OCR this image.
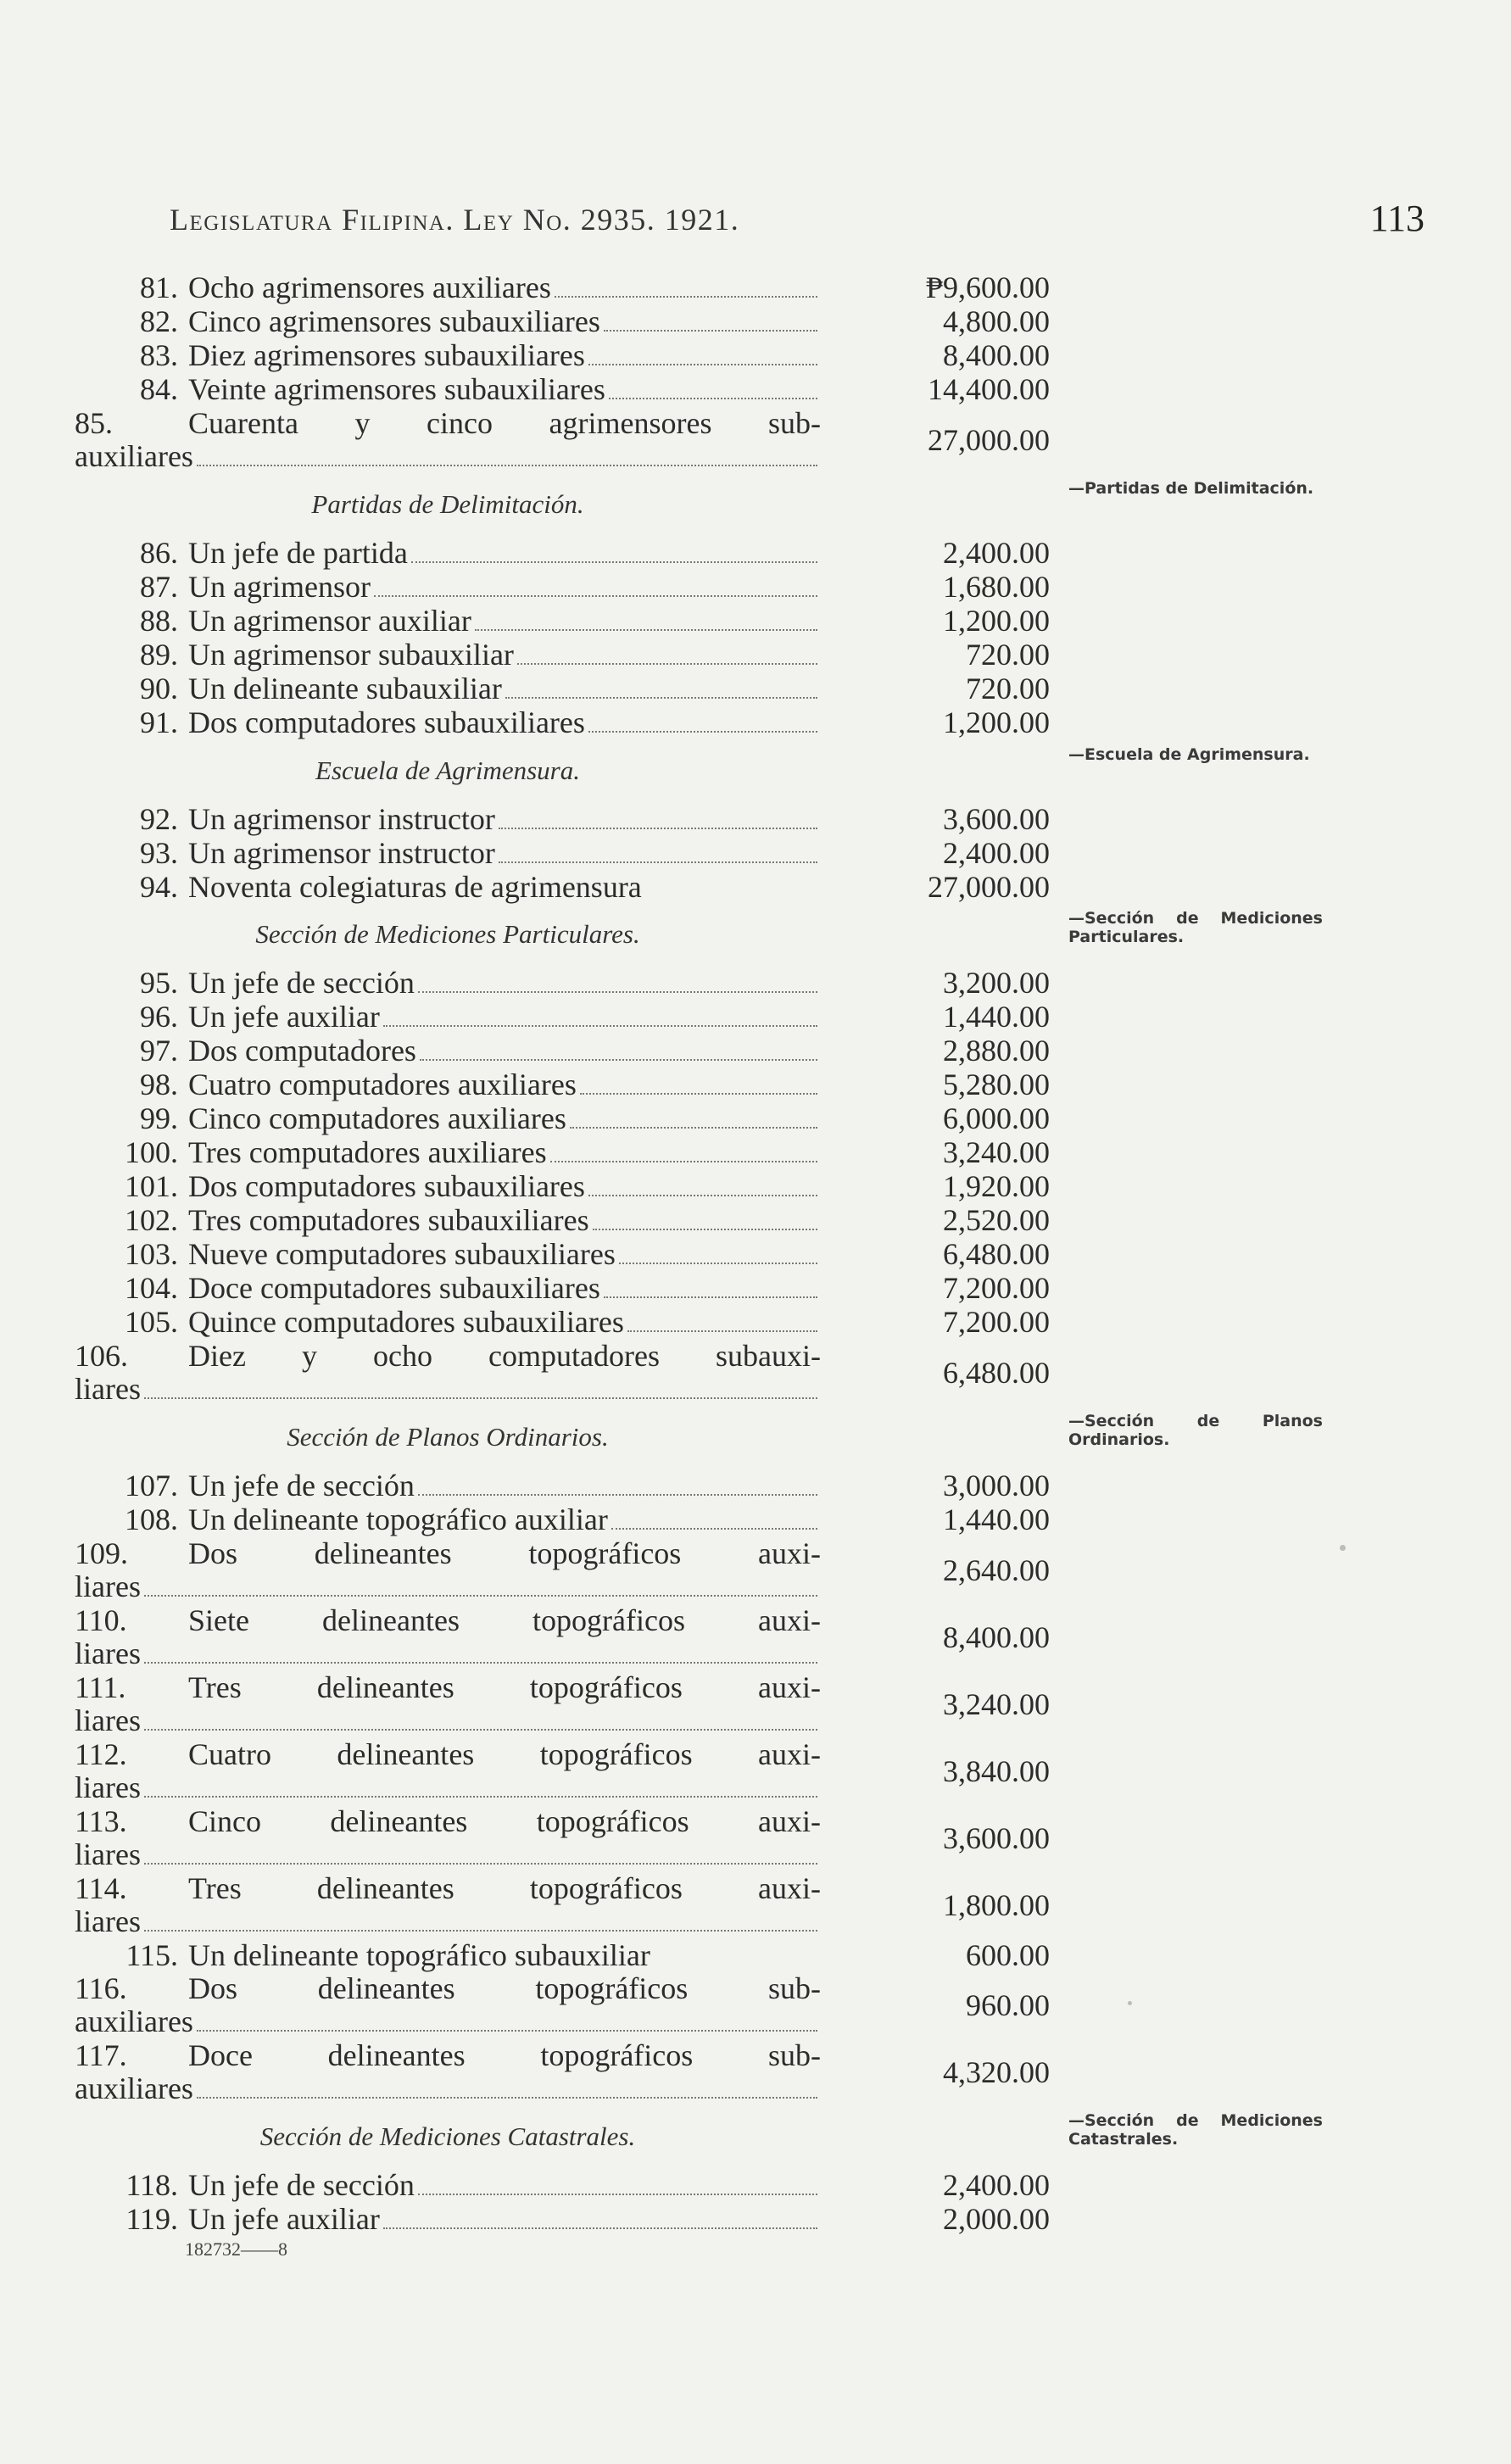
Legislatura Filipina. Ley No. 2935. 1921.	113
81. Ocho agrimensores auxiliares	₱9,600.00
82. Cinco agrimensores subauxiliares	4,800.00
83. Diez agrimensores subauxiliares	8,400.00
84. Veinte agrimensores subauxiliares	14,400.00
85. Cuarenta y cinco agrimensores sub-
auxiliares	27,000.00
Partidas de Delimitación.
—Partidas de Delimitación.
86. Un jefe de partida	2,400.00
87. Un agrimensor	1,680.00
88. Un agrimensor auxiliar	1,200.00
89. Un agrimensor subauxiliar	720.00
90. Un delineante subauxiliar	720.00
91. Dos computadores subauxiliares	1,200.00
Escuela de Agrimensura.
—Escuela de Agrimensura.
92. Un agrimensor instructor	3,600.00
93. Un agrimensor instructor	2,400.00
94. Noventa colegiaturas de agrimensura	27,000.00
Sección de Mediciones Particulares.
—Sección de Mediciones Particulares.
95. Un jefe de sección	3,200.00
96. Un jefe auxiliar	1,440.00
97. Dos computadores	2,880.00
98. Cuatro computadores auxiliares	5,280.00
99. Cinco computadores auxiliares	6,000.00
100. Tres computadores auxiliares	3,240.00
101. Dos computadores subauxiliares	1,920.00
102. Tres computadores subauxiliares	2,520.00
103. Nueve computadores subauxiliares	6,480.00
104. Doce computadores subauxiliares	7,200.00
105. Quince computadores subauxiliares	7,200.00
106. Diez y ocho computadores subauxi-
liares	6,480.00
Sección de Planos Ordinarios.
—Sección de Planos Ordinarios.
107. Un jefe de sección	3,000.00
108. Un delineante topográfico auxiliar	1,440.00
109. Dos delineantes topográficos auxi-
liares	2,640.00
110. Siete delineantes topográficos auxi-
liares	8,400.00
111. Tres delineantes topográficos auxi-
liares	3,240.00
112. Cuatro delineantes topográficos auxi-
liares	3,840.00
113. Cinco delineantes topográficos auxi-
liares	3,600.00
114. Tres delineantes topográficos auxi-
liares	1,800.00
115. Un delineante topográfico subauxiliar	600.00
116. Dos delineantes topográficos sub-
auxiliares	960.00
117. Doce delineantes topográficos sub-
auxiliares	4,320.00
Sección de Mediciones Catastrales.
—Sección de Mediciones Catastrales.
118. Un jefe de sección	2,400.00
119. Un jefe auxiliar	2,000.00
182732——8
